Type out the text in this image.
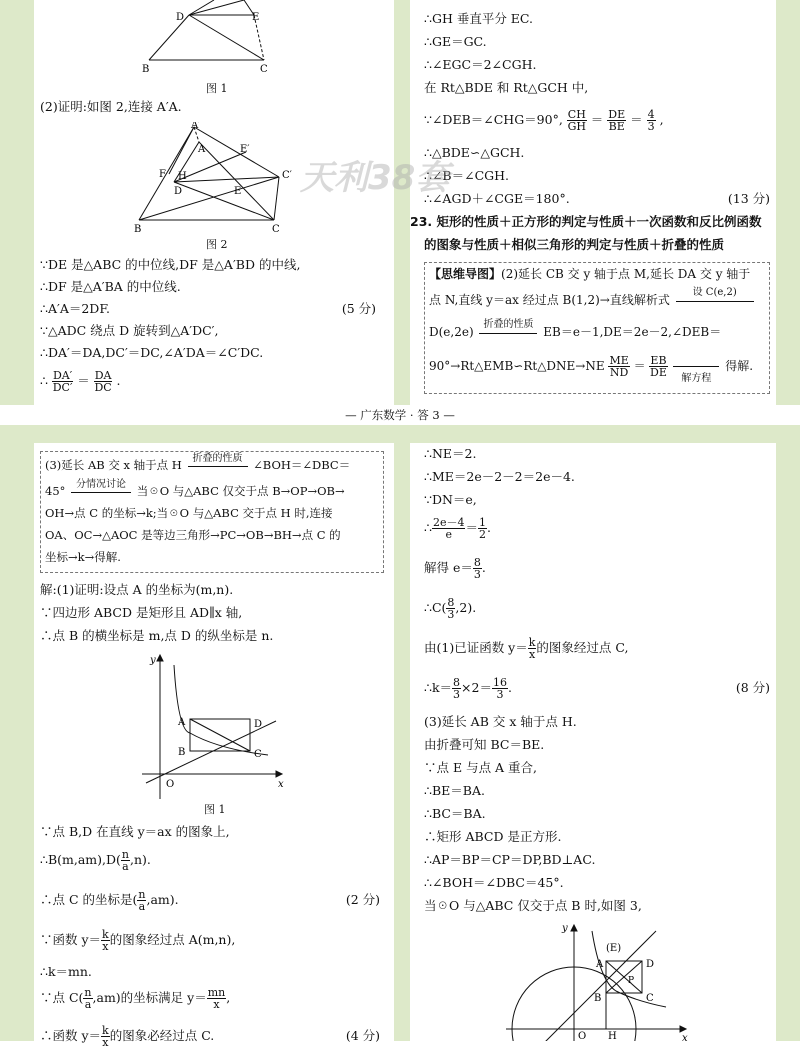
D	E
B	C
图 1
(2)证明:如图 2,连接 A′A.
A′
A	E′
F H	C′
D	E
B	C
图 2
∵DE 是△ABC 的中位线,DF 是△A′BD 的中线,
∴DF 是△A′BA 的中位线.
∴A′A＝2DF.	(5 分)
∵△ADC 绕点 D 旋转到△A′DC′,
∴DA′＝DA,DC′＝DC,∠A′DA＝∠C′DC.
∴ $\frac{DA'}{DC'} = \frac{DA}{DC}$ .
∴GH 垂直平分 EC.
∴GE＝GC.
∴∠EGC＝2∠CGH.
在 Rt△BDE 和 Rt△GCH 中,
∵∠DEB＝∠CHG＝90°, $\frac{CH}{GH} = \frac{DE}{BE} = \frac{4}{3}$ ,
∴△BDE∽△GCH.
∴∠B＝∠CGH.
∴∠AGD＋∠CGE＝180°.	(13 分)
23. 矩形的性质＋正方形的判定与性质＋一次函数和反比例函数
的图象与性质＋相似三角形的判定与性质＋折叠的性质
【思维导图】(2)延长 CB 交 y 轴于点 M,延长 DA 交 y 轴于
点 N,直线 y＝ax 经过点 B(1,2)→直线解析式 $^{设 C(e,2)}$
D(e,2e) $^{折叠的性质}$
EB＝e－1,DE＝2e－2,∠DEB＝
90°→Rt△EMB∽Rt△DNE→NE $\frac{ME}{ND} = \frac{EB}{DE}$
$_{解方程}$
得解.
天利38套
— 广东数学 · 答 3 —
(3)延长 AB 交 x 轴于点 H 折叠的性质 ∠BOH＝∠DBC＝
45° 分情况讨论 当☉O 与△ABC 仅交于点 B→OP→OB→
OH→点 C 的坐标→k;当☉O 与△ABC 交于点 H 时,连接
OA、OC→△AOC 是等边三角形→PC→OB→BH→点 C 的
坐标→k→得解.
解:(1)证明:设点 A 的坐标为(m,n).
∵四边形 ABCD 是矩形且 AD∥x 轴,
∴点 B 的横坐标是 m,点 D 的纵坐标是 n.
y
x
O
A
B	C
D
图 1
∵点 B,D 在直线 y＝ax 的图象上,
∴B(m,am),D( $\frac{n}{a} ,n$).
∴点 C 的坐标是( $\frac{n}{a} ,am$).	(2 分)
∵函数 $y= \frac{k}{x}$ 的图象经过点 A(m,n),
∴k＝mn.
∵点 $C( \frac{n}{a} ,am)$的坐标满足 $y= \frac{mn}{x}$ ,
∴函数 $y= \frac{k}{x}$ 的图象必经过点 C.	(4 分)
∴NE＝2.
∴ME＝2e－2－2＝2e－4.
∵DN＝e,
∴ $\frac{2e-4}{e} = \frac{1}{2}$ .
解得 $e= \frac{8}{3}$ .
∴C( $\frac{8}{3} ,2$).
由(1)已证函数 $y= \frac{k}{x}$ 的图象经过点 C,
∴k＝ $\frac{8}{3} \times 2= \frac{16}{3}$ .	(8 分)
(3)延长 AB 交 x 轴于点 H.
由折叠可知 BC＝BE.
∵点 E 与点 A 重合,
∴BE＝BA.
∴BC＝BA.
∴矩形 ABCD 是正方形.
∴AP＝BP＝CP＝DP,BD⊥AC.
∴∠BOH＝∠DBC＝45°.
当☉O 与△ABC 仅交于点 B 时,如图 3,
y
(E)
A	D
P
B	C
O H	x
